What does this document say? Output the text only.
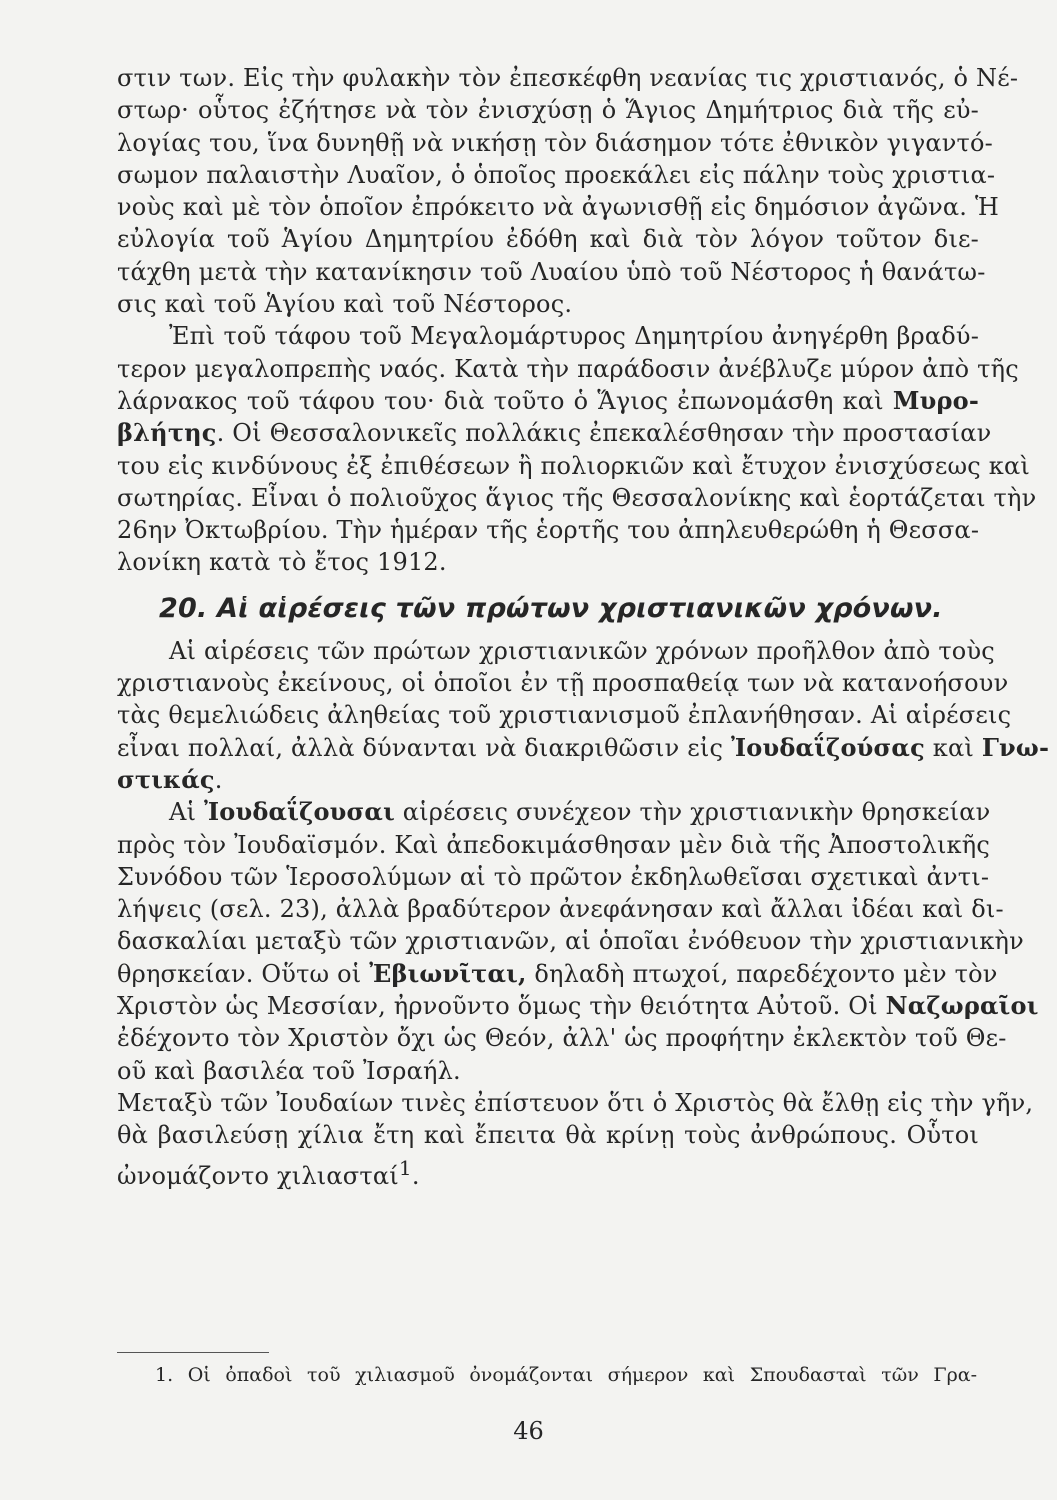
στιν των. Εἰς τὴν φυλακὴν τὸν ἐπεσκέφθη νεανίας τις χριστιανός, ὁ Νέ-
στωρ· οὗτος ἐζήτησε νὰ τὸν ἐνισχύσῃ ὁ Ἅγιος Δημήτριος διὰ τῆς εὐ-
λογίας του, ἵνα δυνηθῇ νὰ νικήσῃ τὸν διάσημον τότε ἐθνικὸν γιγαντό-
σωμον παλαιστὴν Λυαῖον, ὁ ὁποῖος προεκάλει εἰς πάλην τοὺς χριστια-
νοὺς καὶ μὲ τὸν ὁποῖον ἐπρόκειτο νὰ ἀγωνισθῇ εἰς δημόσιον ἀγῶνα. Ἡ
εὐλογία τοῦ Ἁγίου Δημητρίου ἐδόθη καὶ διὰ τὸν λόγον τοῦτον διε-
τάχθη μετὰ τὴν κατανίκησιν τοῦ Λυαίου ὑπὸ τοῦ Νέστορος ἡ θανάτω-
σις καὶ τοῦ Ἁγίου καὶ τοῦ Νέστορος.
Ἐπὶ τοῦ τάφου τοῦ Μεγαλομάρτυρος Δημητρίου ἀνηγέρθη βραδύ-
τερον μεγαλοπρεπὴς ναός. Κατὰ τὴν παράδοσιν ἀνέβλυζε μύρον ἀπὸ τῆς
λάρνακος τοῦ τάφου του· διὰ τοῦτο ὁ Ἅγιος ἐπωνομάσθη καὶ Μυρο-
βλήτης. Οἱ Θεσσαλονικεῖς πολλάκις ἐπεκαλέσθησαν τὴν προστασίαν
του εἰς κινδύνους ἐξ ἐπιθέσεων ἢ πολιορκιῶν καὶ ἔτυχον ἐνισχύσεως καὶ
σωτηρίας. Εἶναι ὁ πολιοῦχος ἅγιος τῆς Θεσσαλονίκης καὶ ἑορτάζεται τὴν
26ην Ὀκτωβρίου. Τὴν ἡμέραν τῆς ἑορτῆς του ἀπηλευθερώθη ἡ Θεσσα-
λονίκη κατὰ τὸ ἔτος 1912.
20. Αἱ αἱρέσεις τῶν πρώτων χριστιανικῶν χρόνων.
Αἱ αἱρέσεις τῶν πρώτων χριστιανικῶν χρόνων προῆλθον ἀπὸ τοὺς
χριστιανοὺς ἐκείνους, οἱ ὁποῖοι ἐν τῇ προσπαθείᾳ των νὰ κατανοήσουν
τὰς θεμελιώδεις ἀληθείας τοῦ χριστιανισμοῦ ἐπλανήθησαν. Αἱ αἱρέσεις
εἶναι πολλαί, ἀλλὰ δύνανται νὰ διακριθῶσιν εἰς Ἰουδαΐζούσας καὶ Γνω-
στικάς.
Αἱ Ἰουδαΐζουσαι αἱρέσεις συνέχεον τὴν χριστιανικὴν θρησκείαν
πρὸς τὸν Ἰουδαϊσμόν. Καὶ ἀπεδοκιμάσθησαν μὲν διὰ τῆς Ἀποστολικῆς
Συνόδου τῶν Ἱεροσολύμων αἱ τὸ πρῶτον ἐκδηλωθεῖσαι σχετικαὶ ἀντι-
λήψεις (σελ. 23), ἀλλὰ βραδύτερον ἀνεφάνησαν καὶ ἄλλαι ἰδέαι καὶ δι-
δασκαλίαι μεταξὺ τῶν χριστιανῶν, αἱ ὁποῖαι ἐνόθευον τὴν χριστιανικὴν
θρησκείαν. Οὕτω οἱ Ἐβιωνῖται, δηλαδὴ πτωχοί, παρεδέχοντο μὲν τὸν
Χριστὸν ὡς Μεσσίαν, ἠρνοῦντο ὅμως τὴν θειότητα Αὐτοῦ. Οἱ Ναζωραῖοι
ἐδέχοντο τὸν Χριστὸν ὄχι ὡς Θεόν, ἀλλ' ὡς προφήτην ἐκλεκτὸν τοῦ Θε-
οῦ καὶ βασιλέα τοῦ Ἰσραήλ.
Μεταξὺ τῶν Ἰουδαίων τινὲς ἐπίστευον ὅτι ὁ Χριστὸς θὰ ἔλθῃ εἰς τὴν γῆν,
θὰ βασιλεύσῃ χίλια ἔτη καὶ ἔπειτα θὰ κρίνῃ τοὺς ἀνθρώπους. Οὗτοι
ὠνομάζοντο χιλιασταί$^1$.
1. Οἱ ὀπαδοὶ τοῦ χιλιασμοῦ ὀνομάζονται σήμερον καὶ Σπουδασταὶ τῶν Γρα-
46
